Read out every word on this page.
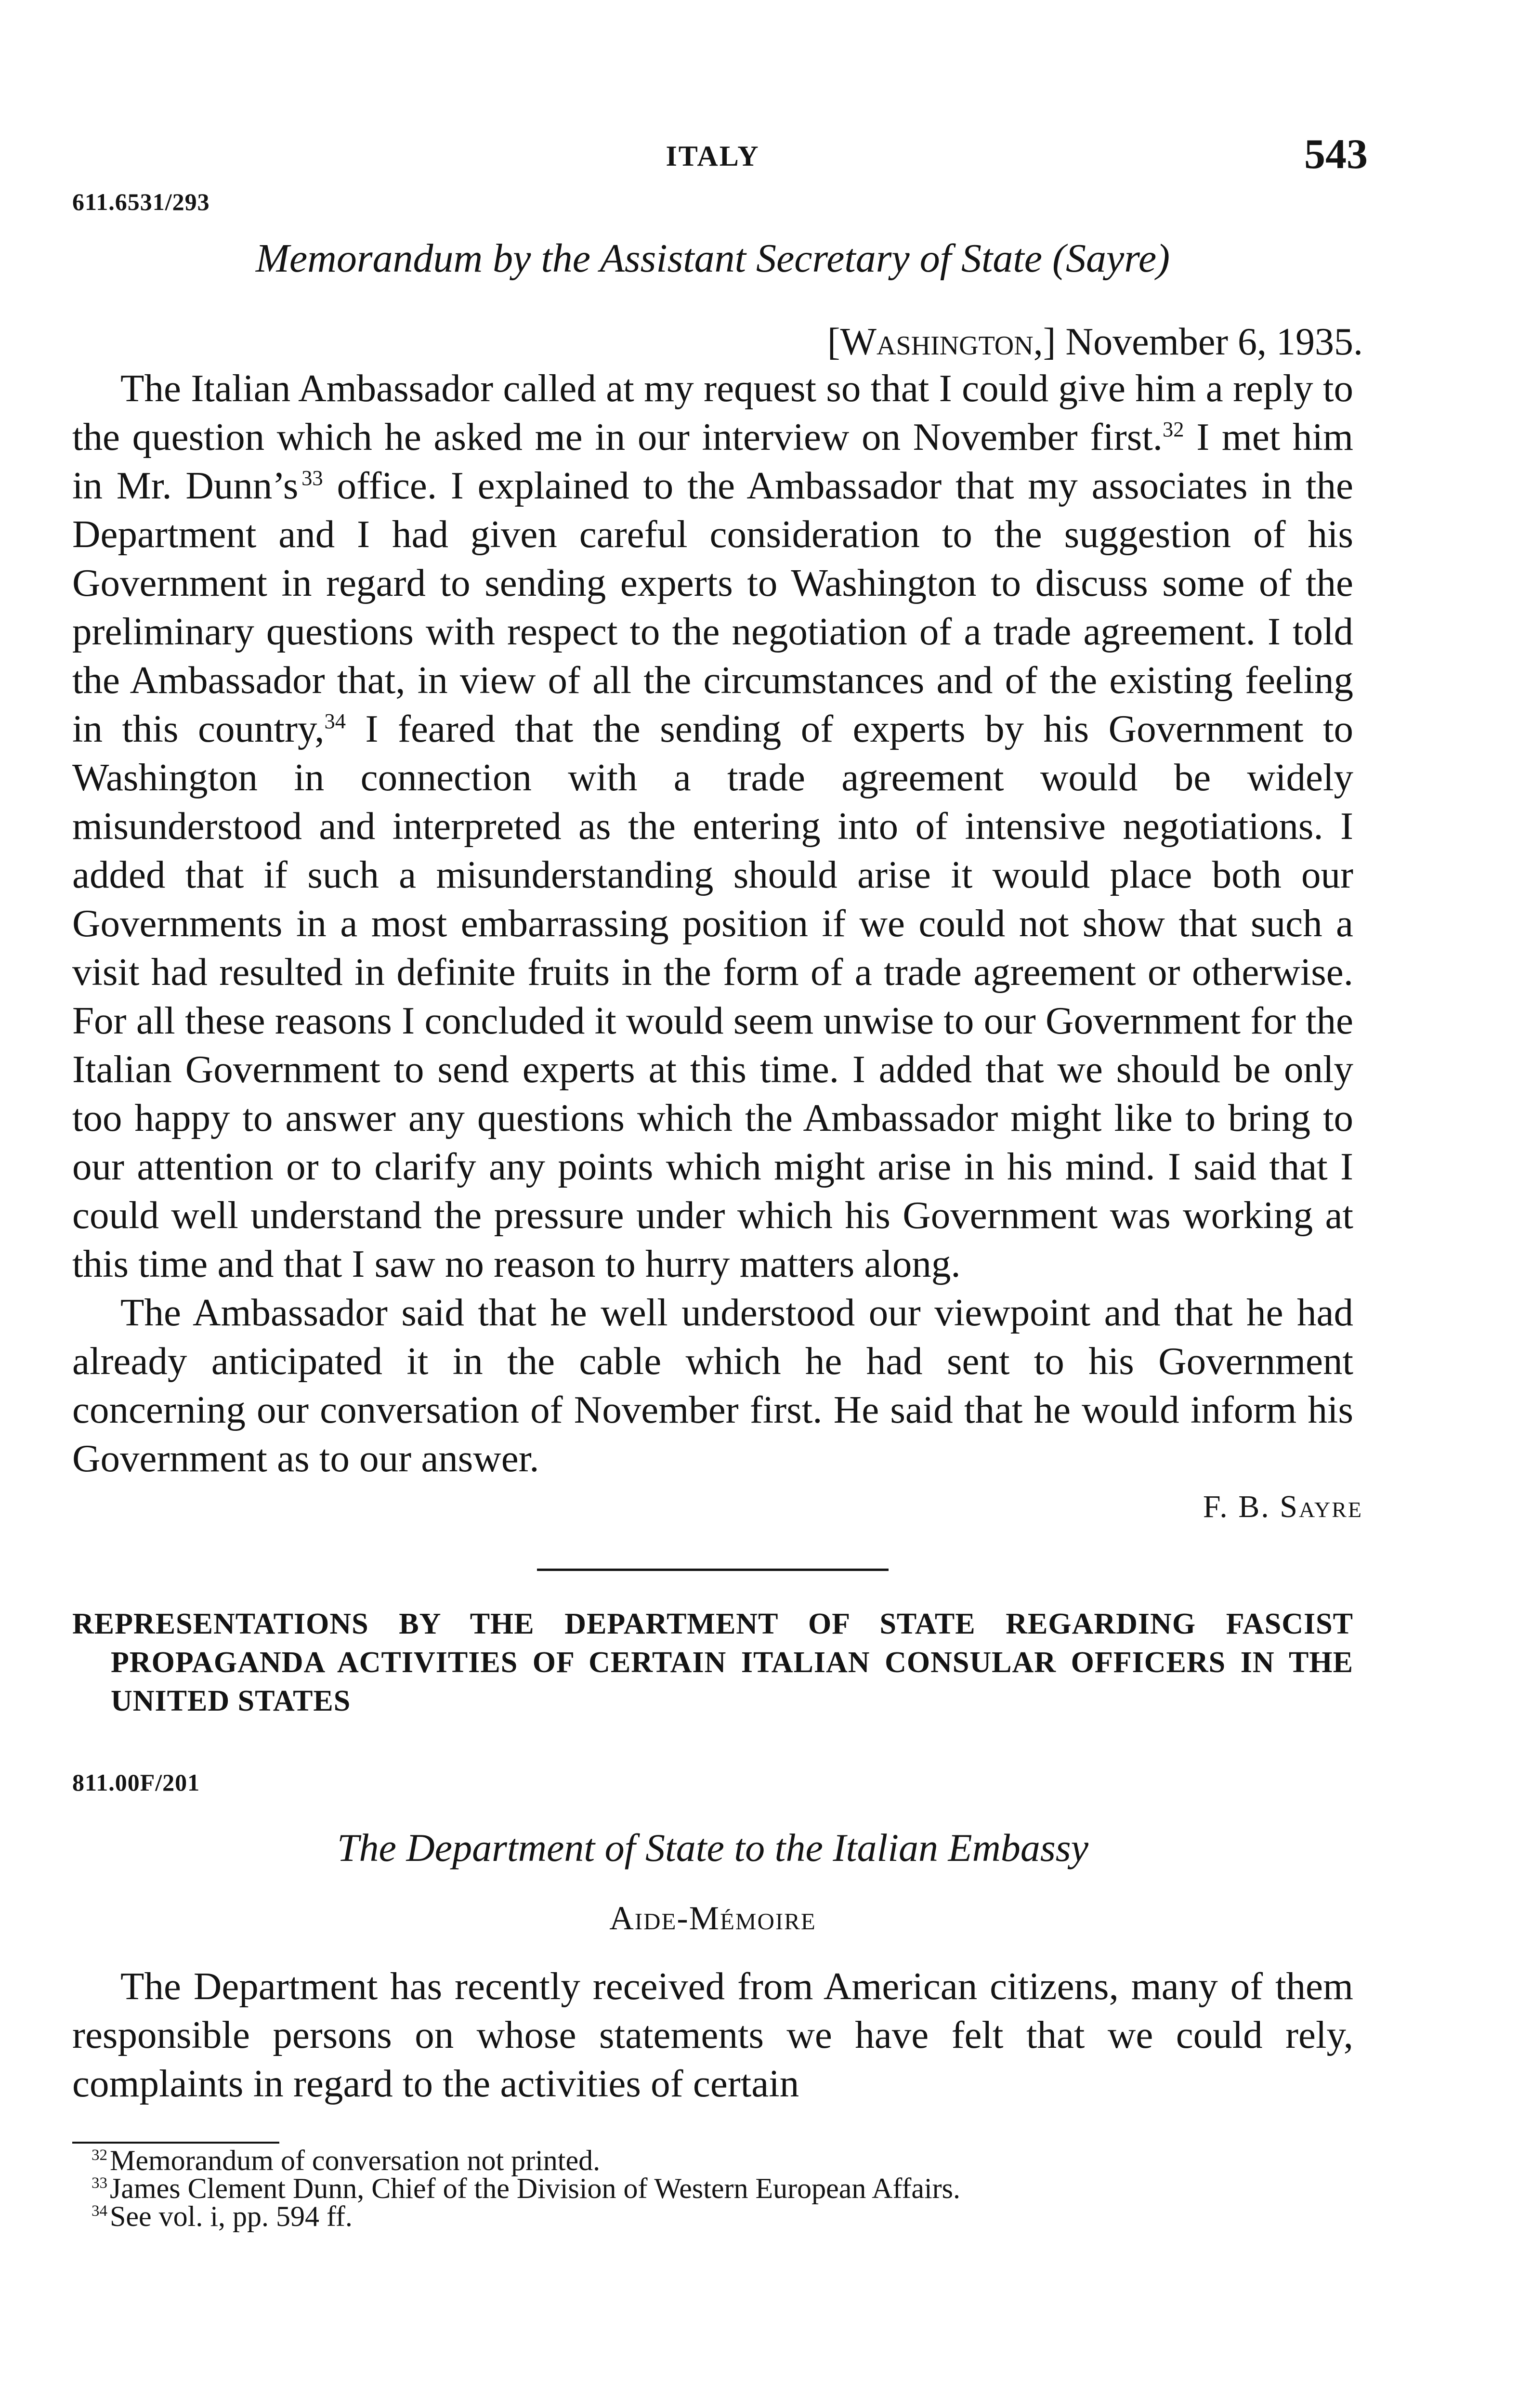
ITALY	543
611.6531/293
Memorandum by the Assistant Secretary of State (Sayre)
[Washington,] November 6, 1935.

The Italian Ambassador called at my request so that I could give him a reply to the question which he asked me in our interview on November first.$^{32}$ I met him in Mr. Dunn’s  $^{33}$ office. I explained to the Ambassador that my associates in the Department and I had given careful consideration to the suggestion of his Government in regard to sending experts to Washington to discuss some of the preliminary questions with respect to the negotiation of a trade agreement. I told the Ambassador that, in view of all the circumstances and of the existing feeling in this country,$^{34}$ I feared that the sending of experts by his Government to Washington in connection with a trade agreement would be widely misunderstood and interpreted as the entering into of intensive negotiations. I added that if such a misunderstanding should arise it would place both our Governments in a most embarrassing position if we could not show that such a visit had resulted in definite fruits in the form of a trade agreement or otherwise. For all these reasons I concluded it would seem unwise to our Government for the Italian Government to send experts at this time. I added that we should be only too happy to answer any questions which the Ambassador might like to bring to our attention or to clarify any points which might arise in his mind. I said that I could well understand the pressure under which his Government was working at this time and that I saw no reason to hurry matters along.

The Ambassador said that he well understood our viewpoint and that he had already anticipated it in the cable which he had sent to his Government concerning our conversation of November first. He said that he would inform his Government as to our answer.

F. B. Sayre
REPRESENTATIONS BY THE DEPARTMENT OF STATE REGARDING FASCIST PROPAGANDA ACTIVITIES OF CERTAIN ITALIAN CONSULAR OFFICERS IN THE UNITED STATES
811.00F/201
The Department of State to the Italian Embassy
Aide-Mémoire

The Department has recently received from American citizens, many of them responsible persons on whose statements we have felt that we could rely, complaints in regard to the activities of certain

$^{32}$ Memorandum of conversation not printed.
$^{33}$ James Clement Dunn, Chief of the Division of Western European Affairs.
$^{34}$ See vol. i, pp. 594 ff.
